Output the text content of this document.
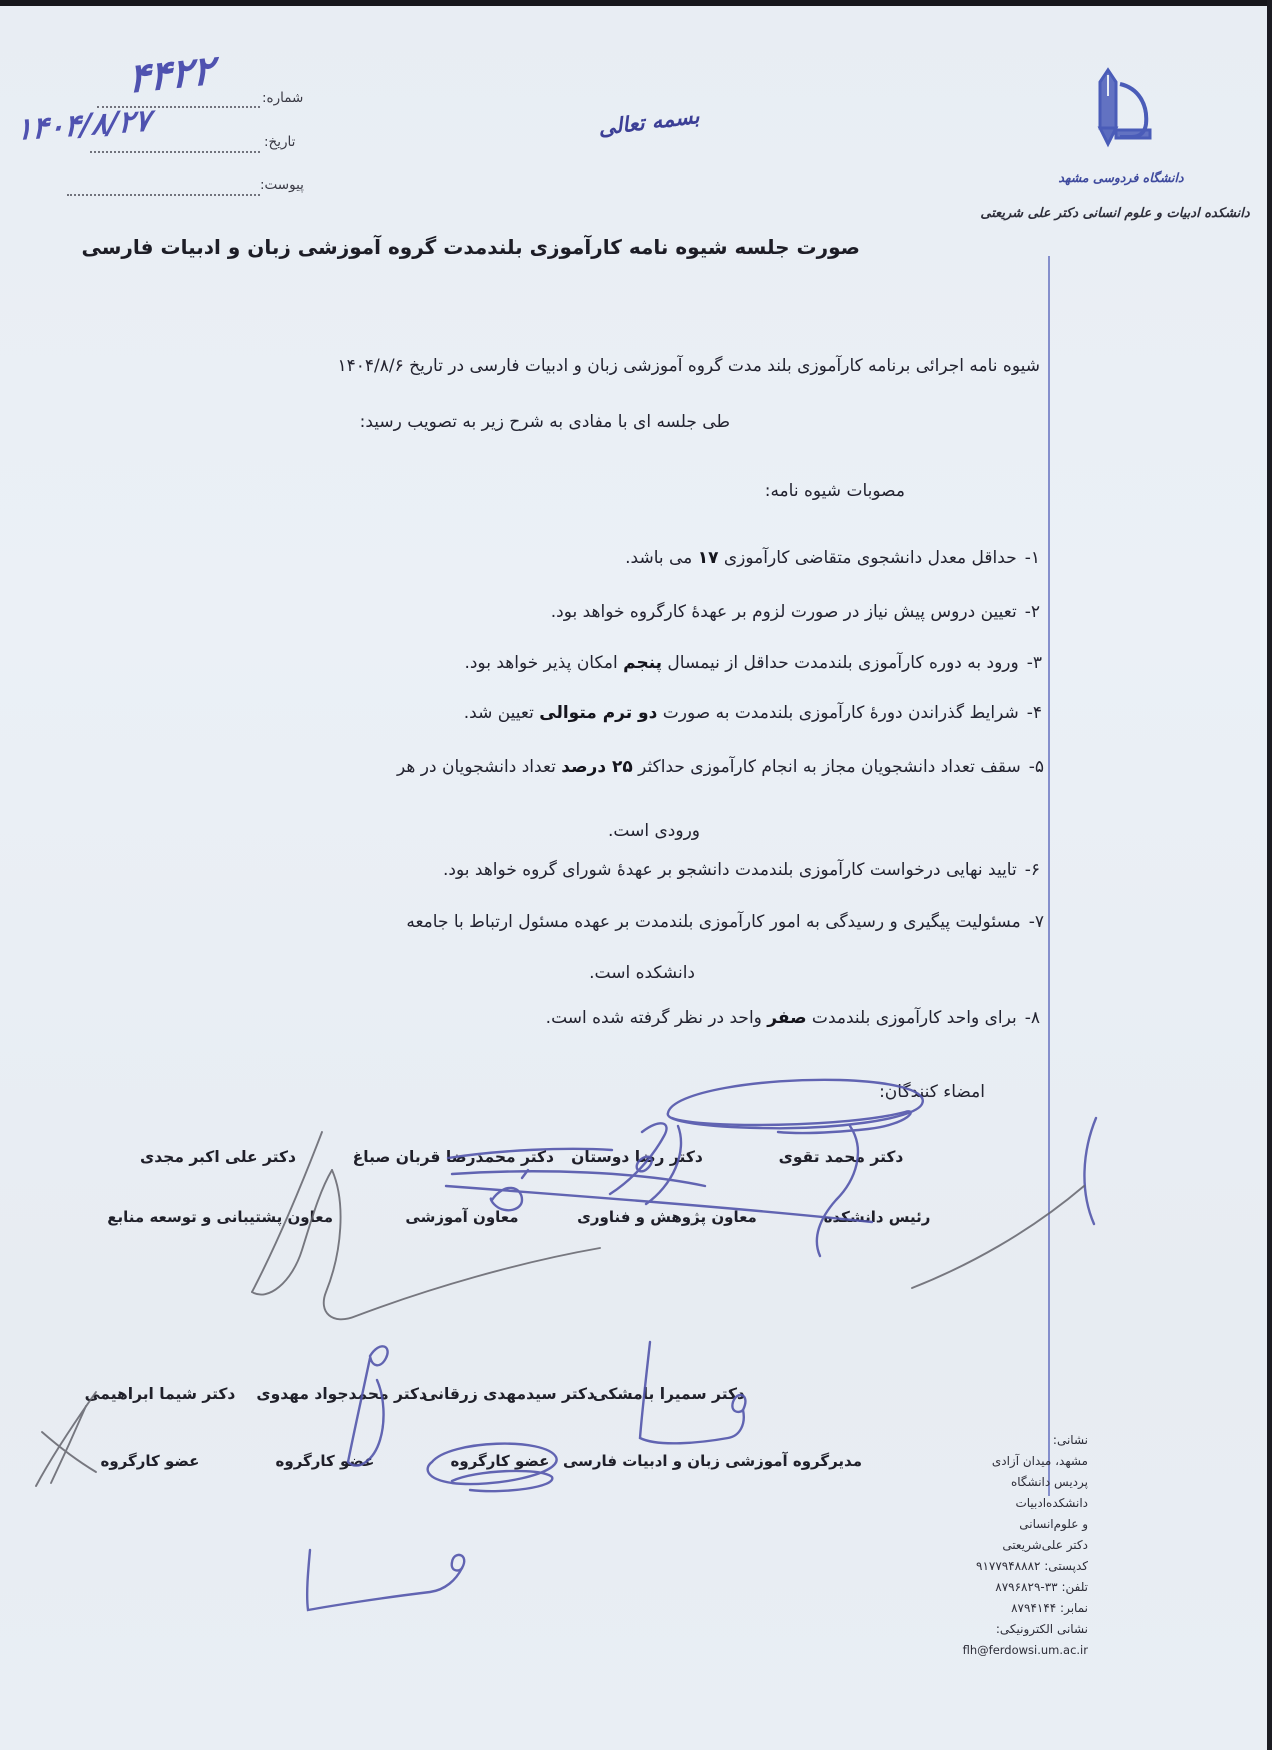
شماره:
۴۴۲۲
تاریخ:
۱۴۰۴/۸/۲۷
پیوست:
بسمه تعالی
دانشگاه فردوسی مشهد
دانشکده ادبیات و علوم انسانی دکتر علی شریعتی
صورت جلسه شیوه نامه کارآموزی بلندمدت گروه آموزشی زبان و ادبیات فارسی
شیوه نامه اجرائی برنامه کارآموزی بلند مدت گروه آموزشی زبان و ادبیات فارسی در تاریخ ۱۴۰۴/۸/۶
طی جلسه ای با مفادی به شرح زیر به تصویب رسید:
مصوبات شیوه نامه:
۱-حداقل معدل دانشجوی متقاضی کارآموزی ۱۷ می باشد.
۲-تعیین دروس پیش نیاز در صورت لزوم بر عهدهٔ کارگروه خواهد بود.
۳-ورود به دوره کارآموزی بلندمدت حداقل از نیمسال پنجم امکان پذیر خواهد بود.
۴-شرایط گذراندن دورهٔ کارآموزی بلندمدت به صورت دو ترم متوالی تعیین شد.
۵-سقف تعداد دانشجویان مجاز به انجام کارآموزی حداکثر ۲۵ درصد تعداد دانشجویان در هر
ورودی است.
۶-تایید نهایی درخواست کارآموزی بلندمدت دانشجو بر عهدهٔ شورای گروه خواهد بود.
۷-مسئولیت پیگیری و رسیدگی به امور کارآموزی بلندمدت بر عهده مسئول ارتباط با جامعه
دانشکده است.
۸-برای واحد کارآموزی بلندمدت صفر واحد در نظر گرفته شده است.
امضاء کنندگان:
دکتر محمد تقوی
دکتر رضا دوستان
دکتر محمدرضا قربان صباغ
دکتر علی اکبر مجدی
رئیس دانشکده
معاون پژوهش و فناوری
معاون آموزشی
معاون پشتیبانی و توسعه منابع
دکتر سمیرا بامشکی
دکتر سیدمهدی زرقانی
دکتر محمدجواد مهدوی
دکتر شیما ابراهیمی
مدیرگروه آموزشی زبان و ادبیات فارسی
عضو کارگروه
عضو کارگروه
عضو کارگروه
نشانی:
مشهد، میدان آزادی
پردیس دانشگاه
دانشکده‌ادبیات
و علوم‌انسانی
دکتر علی‌شریعتی
کدپستی: ۹۱۷۷۹۴۸۸۸۲
تلفن: ۳۳-۸۷۹۶۸۲۹
نمابر: ۸۷۹۴۱۴۴
نشانی الکترونیکی:
flh@ferdowsi.um.ac.ir
